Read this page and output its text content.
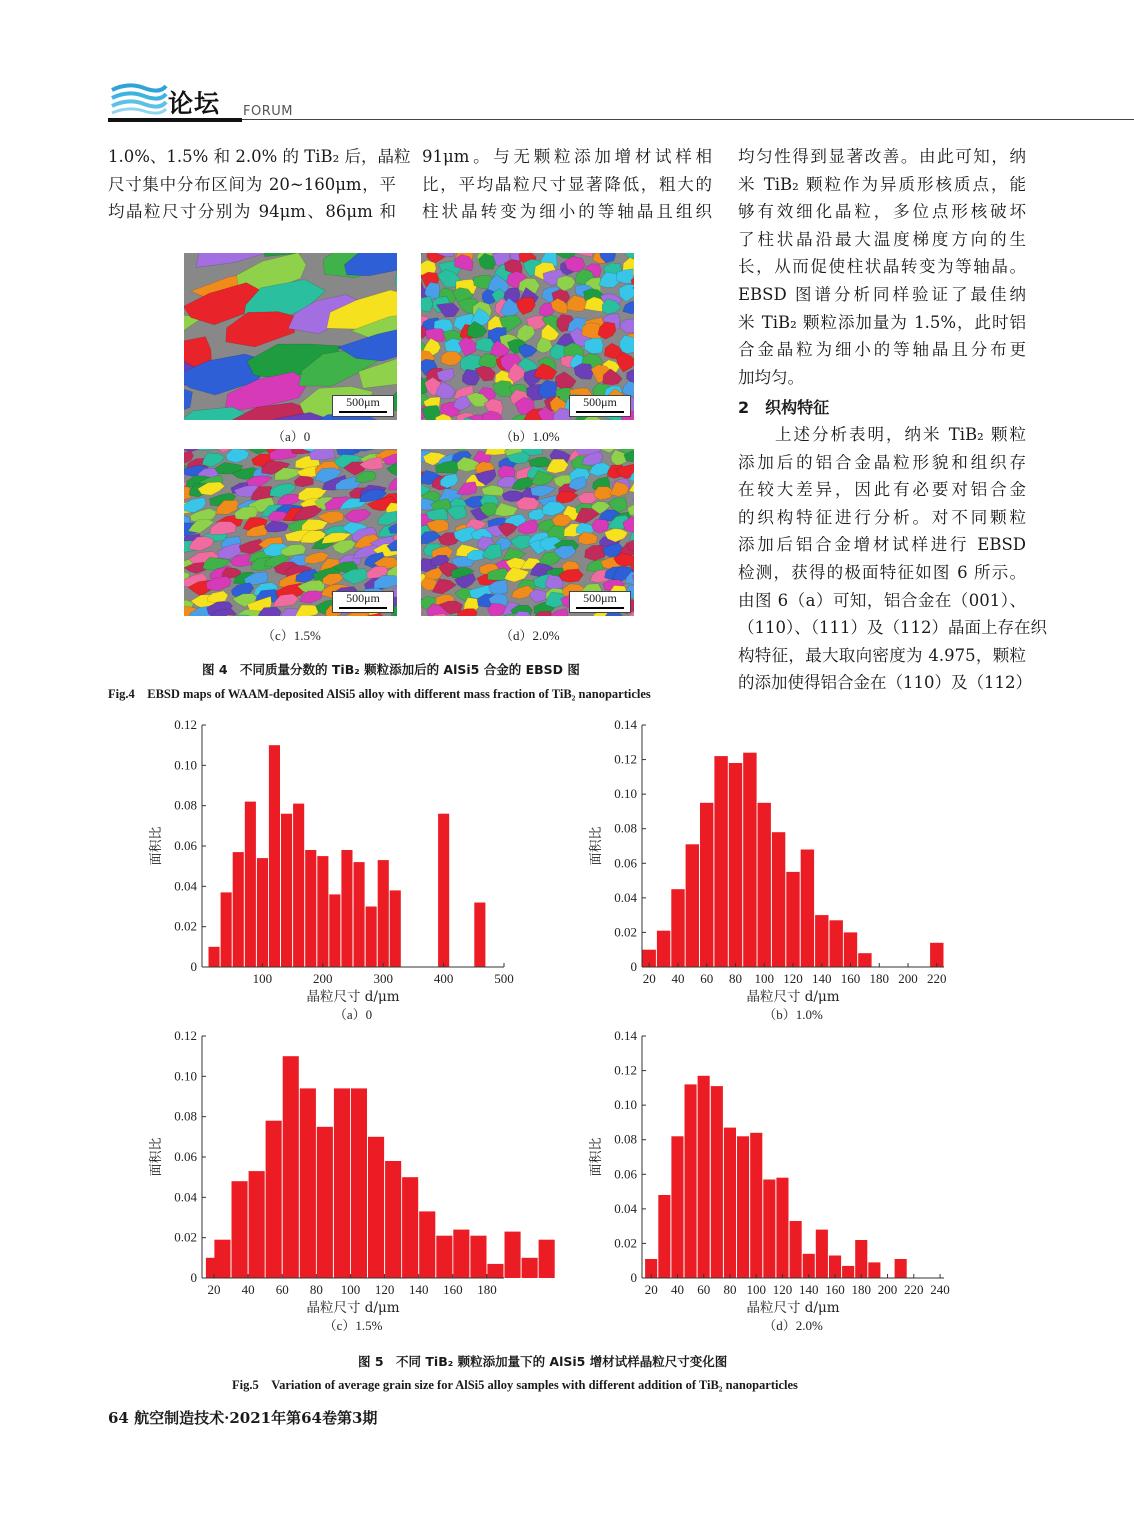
论坛 FORUM
1.0%、1.5% 和 2.0% 的 TiB₂ 后，晶粒
尺寸集中分布区间为 20~160μm，平
均晶粒尺寸分别为 94μm、86μm 和
91μm。与无颗粒添加增材试样相
比，平均晶粒尺寸显著降低，粗大的
柱状晶转变为细小的等轴晶且组织
均匀性得到显著改善。由此可知，纳
米 TiB₂ 颗粒作为异质形核质点，能
够有效细化晶粒，多位点形核破坏
了柱状晶沿最大温度梯度方向的生
长，从而促使柱状晶转变为等轴晶。
EBSD 图谱分析同样验证了最佳纳
米 TiB₂ 颗粒添加量为 1.5%，此时铝
合金晶粒为细小的等轴晶且分布更
加均匀。
2　织构特征
　　上述分析表明，纳米 TiB₂ 颗粒
添加后的铝合金晶粒形貌和组织存
在较大差异，因此有必要对铝合金
的织构特征进行分析。对不同颗粒
添加后铝合金增材试样进行 EBSD
检测，获得的极面特征如图 6 所示。
由图 6（a）可知，铝合金在（001）、
（110）、（111）及（112）晶面上存在织
构特征，最大取向密度为 4.975，颗粒
的添加使得铝合金在（110）及（112）
500μm	500μm
500μm	500μm
（a）0	（b）1.0%
（c）1.5%	（d）2.0%
图 4　不同质量分数的 TiB₂ 颗粒添加后的 AlSi5 合金的 EBSD 图
Fig.4　EBSD maps of WAAM-deposited AlSi5 alloy with different mass fraction of TiB₂ nanoparticles
0
0.02
0.04
0.06
0.08
0.10
0.12
100	200	300	400	500
面积比
晶粒尺寸 d/μm
（a）0
0
0.02
0.04
0.06
0.08
0.10
0.12
0.14
20 40 60 80 100 120 140 160 180 200 220
面积比
晶粒尺寸 d/μm
（b）1.0%
0
0.02
0.04
0.06
0.08
0.10
0.12
20 40 60 80 100 120 140 160 180
面积比
晶粒尺寸 d/μm
（c）1.5%
0
0.02
0.04
0.06
0.08
0.10
0.12
0.14
20 40 60 80 100 120 140 160 180 200 220 240
面积比
晶粒尺寸 d/μm
（d）2.0%
图 5　不同 TiB₂ 颗粒添加量下的 AlSi5 增材试样晶粒尺寸变化图
Fig.5　Variation of average grain size for AlSi5 alloy samples with different addition of TiB₂ nanoparticles
64 航空制造技术·2021年第64卷第3期
